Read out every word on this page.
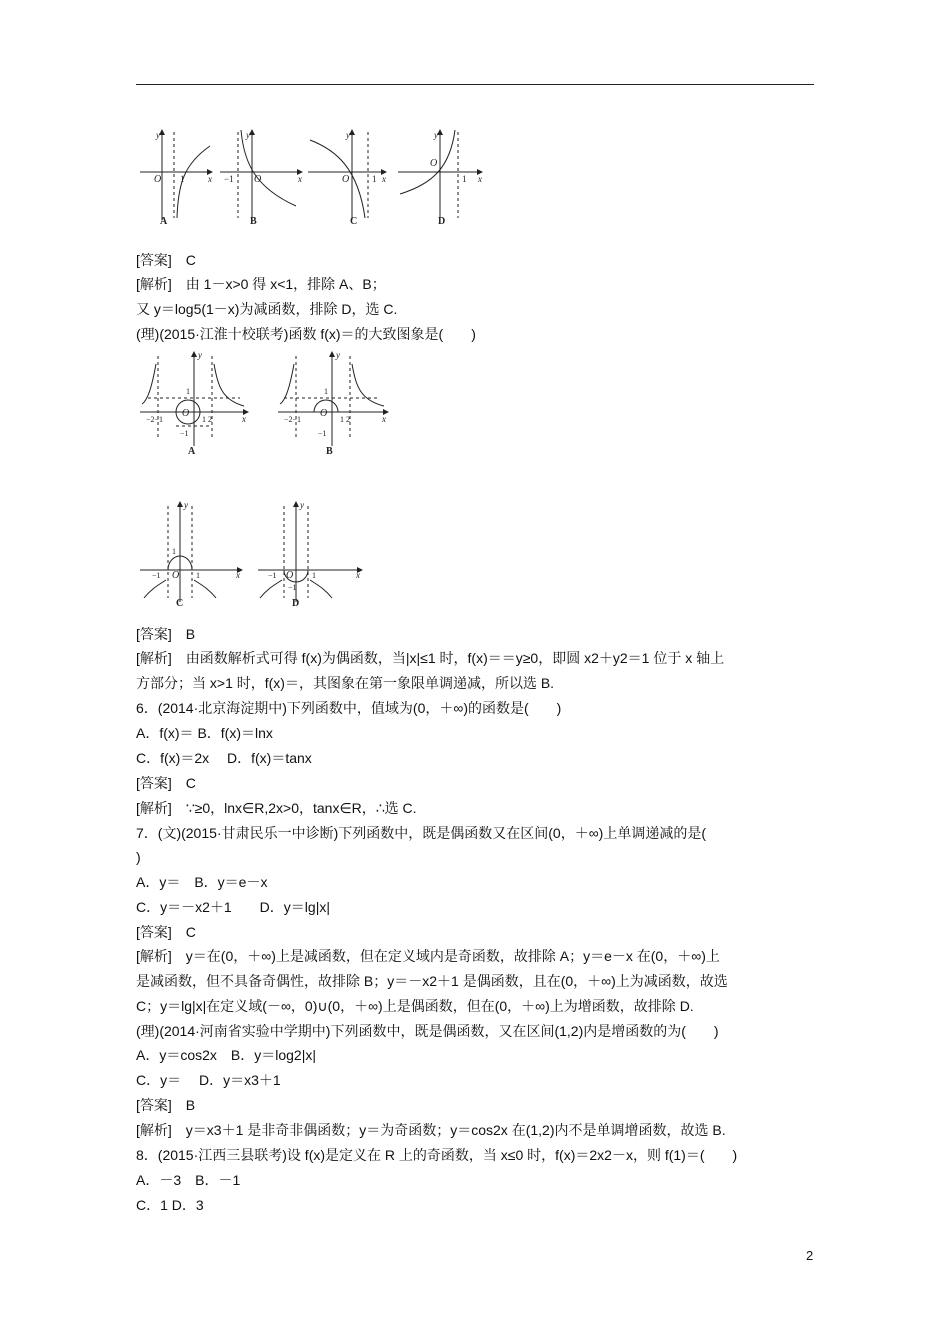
y
x
O 1
A
y
x
O
−1
B
y
x
O	1
C
y
x
O
1
D
[答案]　C
[解析]　由 1－x>0 得 x<1，排除 A、B；
又 y＝log5(1－x)为减函数，排除 D，选 C.
(理)(2015·江淮十校联考)函数 f(x)＝的大致图象是(　　)
y
x
O
−2−1	1 2
1
−1
A
y
x
O
−2−1	1 2
1
−1
B
y
x
O
−1	1
1
C
y
x
O
−1	1
−1
D
[答案]　B
[解析]　由函数解析式可得 f(x)为偶函数，当|x|≤1 时，f(x)＝＝y≥0，即圆 x2＋y2＝1 位于 x 轴上
方部分；当 x>1 时，f(x)＝，其图象在第一象限单调递减，所以选 B.
6．(2014·北京海淀期中)下列函数中，值域为(0，＋∞)的函数是(　　)
A．f(x)＝ B．f(x)＝lnx
C．f(x)＝2x　 D．f(x)＝tanx
[答案]　C
[解析]　∵≥0，lnx∈R,2x>0，tanx∈R，∴选 C.
7．(文)(2015·甘肃民乐一中诊断)下列函数中，既是偶函数又在区间(0，＋∞)上单调递减的是(
)
A．y＝　B．y＝e－x
C．y＝－x2＋1　　D．y＝lg|x|
[答案]　C
[解析]　y＝在(0，＋∞)上是减函数，但在定义域内是奇函数，故排除 A；y＝e－x 在(0，＋∞)上
是减函数，但不具备奇偶性，故排除 B；y＝－x2＋1 是偶函数，且在(0，＋∞)上为减函数，故选
C；y＝lg|x|在定义域(－∞，0)∪(0，＋∞)上是偶函数，但在(0，＋∞)上为增函数，故排除 D.
(理)(2014·河南省实验中学期中)下列函数中，既是偶函数，又在区间(1,2)内是增函数的为(　　)
A．y＝cos2x　B．y＝log2|x|
C．y＝　 D．y＝x3＋1
[答案]　B
[解析]　y＝x3＋1 是非奇非偶函数；y＝为奇函数；y＝cos2x 在(1,2)内不是单调增函数，故选 B.
8．(2015·江西三县联考)设 f(x)是定义在 R 上的奇函数，当 x≤0 时，f(x)＝2x2－x，则 f(1)＝(　　)
A．－3　B．－1
C．1 D．3
2
